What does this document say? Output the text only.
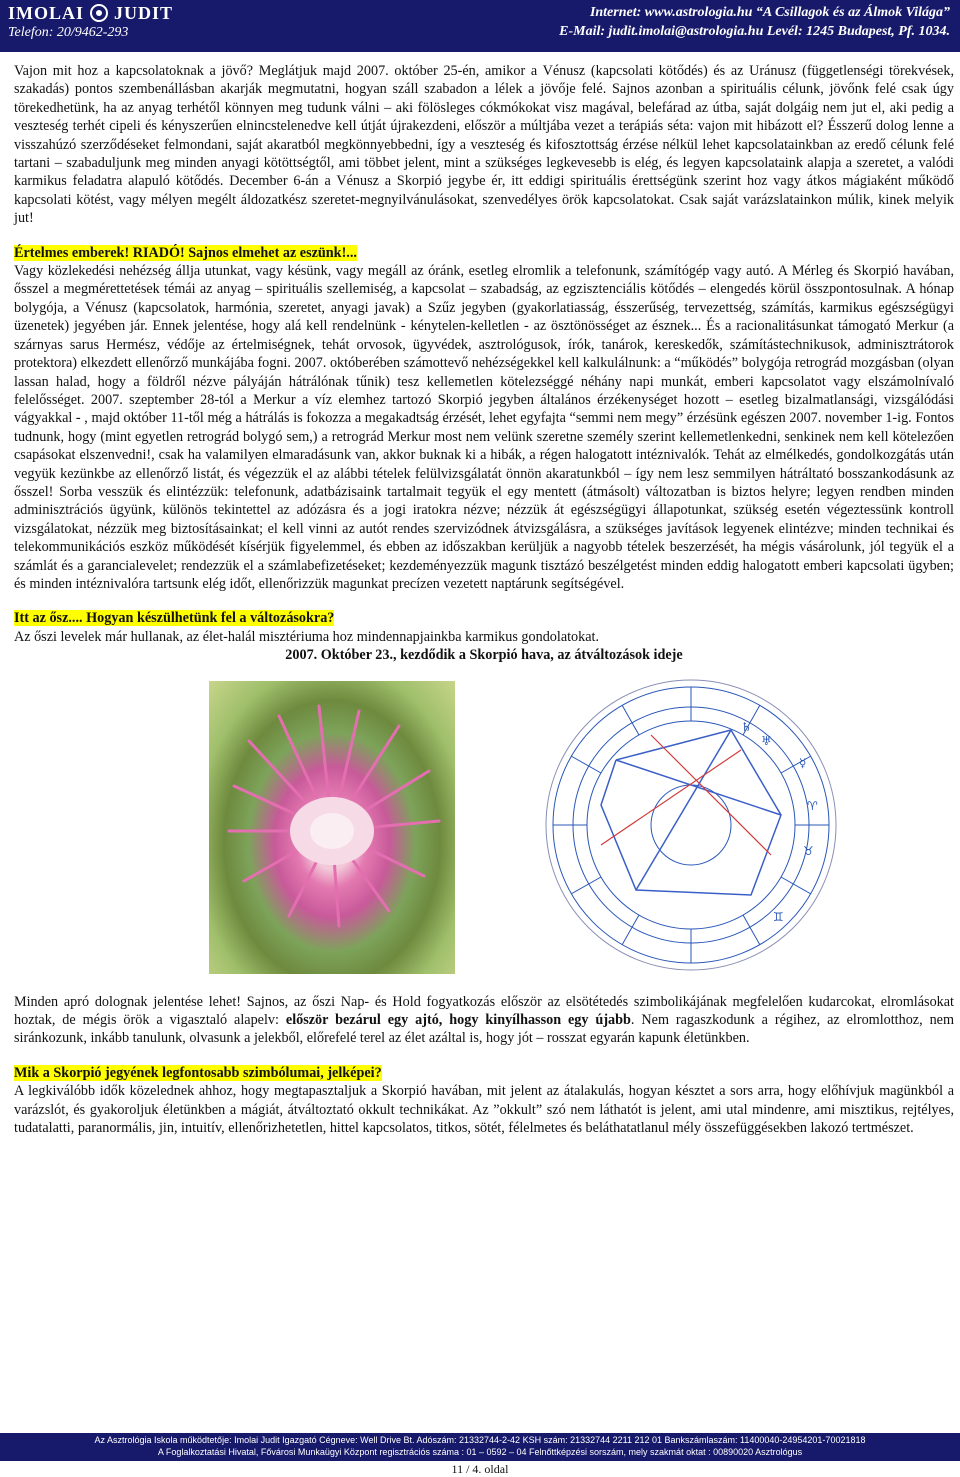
IMOLAI JUDIT
Telefon: 20/9462-293
Internet: www.astrologia.hu “A Csillagok és az Álmok Világa”
E-Mail: judit.imolai@astrologia.hu Levél: 1245 Budapest, Pf. 1034.

Vajon mit hoz a kapcsolatoknak a jövő? Meglátjuk majd 2007. október 25-én, amikor a Vénusz (kapcsolati kötődés) és az Uránusz (függetlenségi törekvések, szakadás) pontos szembenállásban akarják megmutatni, hogyan száll szabadon a lélek a jövője felé. Sajnos azonban a spirituális célunk, jövőnk felé csak úgy törekedhetünk, ha az anyag terhétől könnyen meg tudunk válni – aki fölösleges cókmókokat visz magával, belefárad az útba, saját dolgáig nem jut el, aki pedig a veszteség terhét cipeli és kényszerűen elnincstelenedve kell útját újrakezdeni, először a múltjába vezet a terápiás séta: vajon mit hibázott el? Ésszerű dolog lenne a visszahúzó szerződéseket felmondani, saját akaratból megkönnyebbedni, így a veszteség és kifosztottság érzése nélkül lehet kapcsolatainkban az eredő célunk felé tartani – szabaduljunk meg minden anyagi kötöttségtől, ami többet jelent, mint a szükséges legkevesebb is elég, és legyen kapcsolataink alapja a szeretet, a valódi karmikus feladatra alapuló kötődés. December 6-án a Vénusz a Skorpió jegybe ér, itt eddigi spirituális érettségünk szerint hoz vagy átkos mágiaként működő kapcsolati kötést, vagy mélyen megélt áldozatkész szeretet-megnyilvánulásokat, szenvedélyes örök kapcsolatokat. Csak saját varázslatainkon múlik, kinek melyik jut!

Értelmes emberek! RIADÓ! Sajnos elmehet az eszünk!...

Vagy közlekedési nehézség állja utunkat, vagy késünk, vagy megáll az óránk, esetleg elromlik a telefonunk, számítógép vagy autó. A Mérleg és Skorpió havában, ősszel a megmérettetések témái az anyag – spirituális szellemiség, a kapcsolat – szabadság, az egzisztenciális kötődés – elengedés körül összpontosulnak. A hónap bolygója, a Vénusz (kapcsolatok, harmónia, szeretet, anyagi javak) a Szűz jegyben (gyakorlatiasság, ésszerűség, tervezettség, számítás, karmikus egészségügyi üzenetek) jegyében jár. Ennek jelentése, hogy alá kell rendelnünk - kénytelen-kelletlen - az ösztönösséget az észnek... És a racionalitásunkat támogató Merkur (a szárnyas sarus Hermész, védője az értelmiségnek, tehát orvosok, ügyvédek, asztrológusok, írók, tanárok, kereskedők, számítástechnikusok, adminisztrátorok protektora) elkezdett ellenőrző munkájába fogni. 2007. októberében számottevő nehézségekkel kell kalkulálnunk: a “működés” bolygója retrográd mozgásban (olyan lassan halad, hogy a földről nézve pályáján hátrálónak tűnik) tesz kellemetlen kötelezséggé néhány napi munkát, emberi kapcsolatot vagy elszámolnívaló felelősséget. 2007. szeptember 28-tól a Merkur a víz elemhez tartozó Skorpió jegyben általános érzékenységet hozott – esetleg bizalmatlansági, vizsgálódási vágyakkal - , majd október 11-től még a hátrálás is fokozza a megakadtság érzését, lehet egyfajta “semmi nem megy” érzésünk egészen 2007. november 1-ig. Fontos tudnunk, hogy (mint egyetlen retrográd bolygó sem,) a retrográd Merkur most nem velünk szeretne személy szerint kellemetlenkedni, senkinek nem kell kötelezően csapásokat elszenvedni!, csak ha valamilyen elmaradásunk van, akkor buknak ki a hibák, a régen halogatott intéznivalók. Tehát az elmélkedés, gondolkozgátás után vegyük kezünkbe az ellenőrző listát, és végezzük el az alábbi tételek felülvizsgálatát önnön akaratunkból – így nem lesz semmilyen hátráltató bosszankodásunk az ősszel! Sorba vesszük és elintézzük: telefonunk, adatbázisaink tartalmait tegyük el egy mentett (átmásolt) változatban is biztos helyre; legyen rendben minden adminisztrációs ügyünk, különös tekintettel az adózásra és a jogi iratokra nézve; nézzük át egészségügyi állapotunkat, szükség esetén végeztessünk kontroll vizsgálatokat, nézzük meg biztosításainkat; el kell vinni az autót rendes szervizódnek átvizsgálásra, a szükséges javítások legyenek elintézve; minden technikai és telekommunikációs eszköz működését kísérjük figyelemmel, és ebben az időszakban kerüljük a nagyobb tételek beszerzését, ha mégis vásárolunk, jól tegyük el a számlát és a garancialevelet; rendezzük el a számlabefizetéseket; kezdeményezzük magunk tisztázó beszélgetést minden eddig halogatott emberi kapcsolati ügyben; és minden intéznivalóra tartsunk elég időt, ellenőrizzük magunkat precízen vezetett naptárunk segítségével.

Itt az ősz.... Hogyan készülhetünk fel a változásokra?

Az őszi levelek már hullanak, az élet-halál misztériuma hoz mindennapjainkba karmikus gondolatokat.

2007. Október 23., kezdődik a Skorpió hava, az átváltozások ideje
☿
♈
♉
♊
♄
♅

Minden apró dolognak jelentése lehet! Sajnos, az őszi Nap- és Hold fogyatkozás először az elsötétedés szimbolikájának megfelelően kudarcokat, elromlásokat hoztak, de mégis örök a vigasztaló alapelv: először bezárul egy ajtó, hogy kinyílhasson egy újabb. Nem ragaszkodunk a régihez, az elromlotthoz, nem siránkozunk, inkább tanulunk, olvasunk a jelekből, előrefelé terel az élet azáltal is, hogy jót – rosszat egyarán kapunk életünkben.

Mik a Skorpió jegyének legfontosabb szimbólumai, jelképei?

A legkiválóbb idők közelednek ahhoz, hogy megtapasztaljuk a Skorpió havában, mit jelent az átalakulás, hogyan késztet a sors arra, hogy előhívjuk magünkból a varázslót, és gyakoroljuk életünkben a mágiát, átváltoztató okkult technikákat. Az ”okkult” szó nem láthatót is jelent, ami utal mindenre, ami misztikus, rejtélyes, tudatalatti, paranormális, jin, intuitív, ellenőrizhetetlen, hittel kapcsolatos, titkos, sötét, félelmetes és beláthatatlanul mély összefüggésekben lakozó tertmészet.

Az Asztrológia Iskola működtetője: Imolai Judit Igazgató Cégneve: Well Drive Bt. Adószám: 21332744-2-42 KSH szám: 21332744 2211 212 01 Bankszámlaszám: 11400040-24954201-70021818
A Foglalkoztatási Hivatal, Fővárosi Munkaügyi Központ regisztrációs száma : 01 – 0592 – 04 Felnőttképzési sorszám, mely szakmát oktat : 00890020 Asztrológus
11 / 4. oldal
